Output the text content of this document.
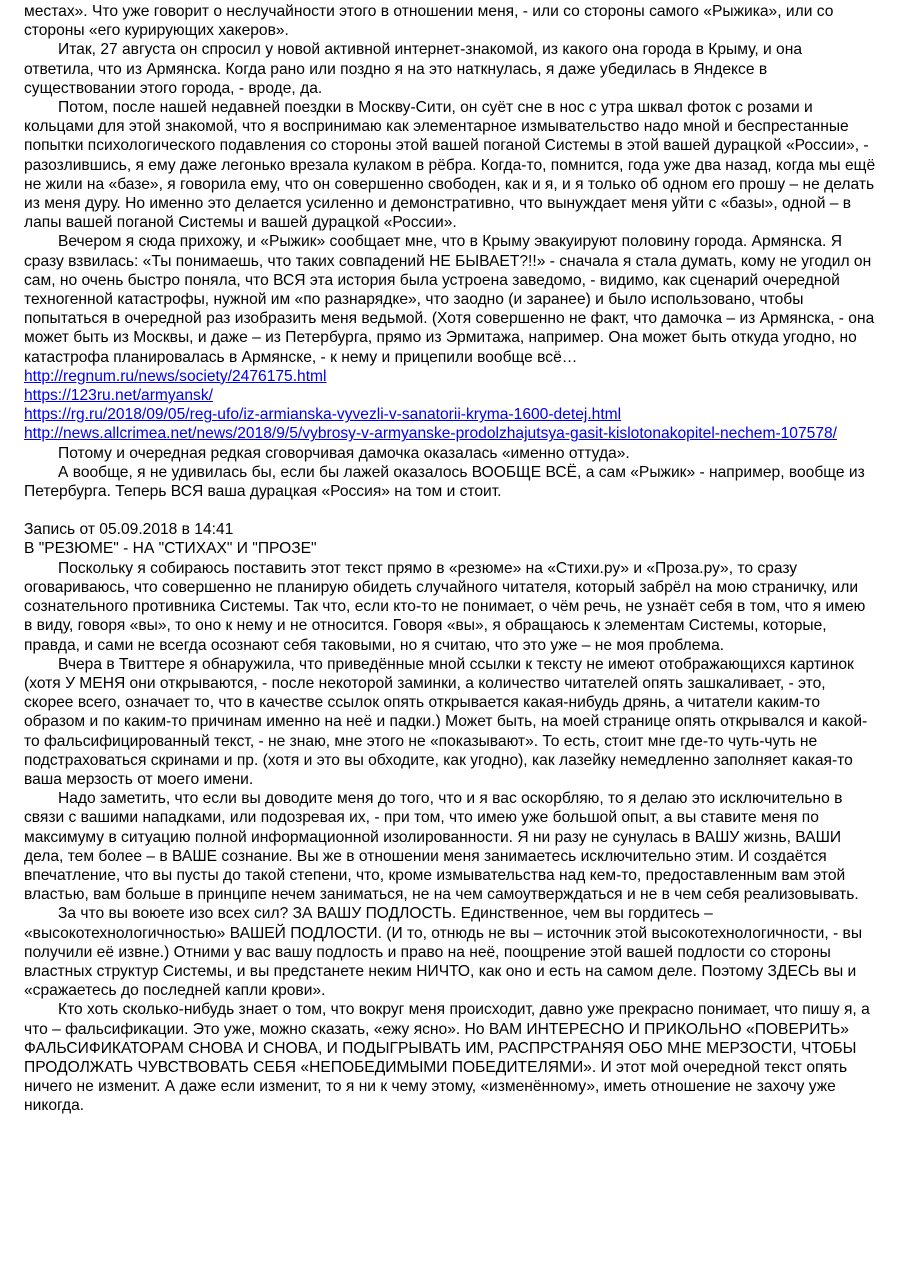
местах». Что уже говорит о неслучайности этого в отношении меня, - или со стороны самого «Рыжика», или со стороны «его курирующих хакеров».

Итак, 27 августа он спросил у новой активной интернет-знакомой, из какого она города в Крыму, и она ответила, что из Армянска. Когда рано или поздно я на это наткнулась, я даже убедилась в Яндексе в существовании этого города, - вроде, да.

Потом, после нашей недавней поездки в Москву-Сити, он суёт сне в нос с утра шквал фоток с розами и кольцами для этой знакомой, что я воспринимаю как элементарное измывательство надо мной и беспрестанные попытки психологического подавления со стороны этой вашей поганой Системы в этой вашей дурацкой «России», - разозлившись, я ему даже легонько врезала кулаком в рёбра. Когда-то, помнится, года уже два назад, когда мы ещё не жили на «базе», я говорила ему, что он совершенно свободен, как и я, и я только об одном его прошу – не делать из меня дуру. Но именно это делается усиленно и демонстративно, что вынуждает меня уйти с «базы», одной – в лапы вашей поганой Системы и вашей дурацкой «России».

Вечером я сюда прихожу, и «Рыжик» сообщает мне, что в Крыму эвакуируют половину города. Армянска. Я сразу взвилась: «Ты понимаешь, что таких совпадений НЕ БЫВАЕТ?!!» - сначала я стала думать, кому не угодил он сам, но очень быстро поняла, что ВСЯ эта история была устроена заведомо, - видимо, как сценарий очередной техногенной катастрофы, нужной им «по разнарядке», что заодно (и заранее) и было использовано, чтобы попытаться в очередной раз изобразить меня ведьмой. (Хотя совершенно не факт, что дамочка – из Армянска, - она может быть из Москвы, и даже – из Петербурга, прямо из Эрмитажа, например. Она может быть откуда угодно, но катастрофа планировалась в Армянске, - к нему и прицепили вообще всё…

http://regnum.ru/news/society/2476175.html
https://123ru.net/armyansk/
https://rg.ru/2018/09/05/reg-ufo/iz-armianska-vyvezli-v-sanatorii-kryma-1600-detej.html
http://news.allcrimea.net/news/2018/9/5/vybrosy-v-armyanske-prodolzhajutsya-gasit-kislotonakopitel-nechem-107578/

Потому и очередная редкая сговорчивая дамочка оказалась «именно оттуда».

А вообще, я не удивилась бы, если бы лажей оказалось ВООБЩЕ ВСЁ, а сам «Рыжик» - например, вообще из Петербурга. Теперь ВСЯ ваша дурацкая «Россия» на том и стоит.

Запись от 05.09.2018 в 14:41

В "РЕЗЮМЕ" - НА "СТИХАХ" И "ПРОЗЕ"

Поскольку я собираюсь поставить этот текст прямо в «резюме» на «Стихи.ру» и «Проза.ру», то сразу оговариваюсь, что совершенно не планирую обидеть случайного читателя, который забрёл на мою страничку, или сознательного противника Системы. Так что, если кто-то не понимает, о чём речь, не узнаёт себя в том, что я имею в виду, говоря «вы», то оно к нему и не относится. Говоря «вы», я обращаюсь к элементам Системы, которые, правда, и сами не всегда осознают себя таковыми, но я считаю, что это уже – не моя проблема.

Вчера в Твиттере я обнаружила, что приведённые мной ссылки к тексту не имеют отображающихся картинок (хотя У МЕНЯ они открываются, - после некоторой заминки, а количество читателей опять зашкаливает, - это, скорее всего, означает то, что в качестве ссылок опять открывается какая-нибудь дрянь, а читатели каким-то образом и по каким-то причинам именно на неё и падки.) Может быть, на моей странице опять открывался и какой-то фальсифицированный текст, - не знаю, мне этого не «показывают». То есть, стоит мне где-то чуть-чуть не подстраховаться скринами и пр. (хотя и это вы обходите, как угодно), как лазейку немедленно заполняет какая-то ваша мерзость от моего имени.

Надо заметить, что если вы доводите меня до того, что и я вас оскорбляю, то я делаю это исключительно в связи с вашими нападками, или подозревая их, - при том, что имею уже большой опыт, а вы ставите меня по максимуму в ситуацию полной информационной изолированности. Я ни разу не сунулась в ВАШУ жизнь, ВАШИ дела, тем более – в ВАШЕ сознание. Вы же в отношении меня занимаетесь исключительно этим. И создаётся впечатление, что вы пусты до такой степени, что, кроме измывательства над кем-то, предоставленным вам этой властью, вам больше в принципе нечем заниматься, не на чем самоутверждаться и не в чем себя реализовывать.

За что вы воюете изо всех сил? ЗА ВАШУ ПОДЛОСТЬ. Единственное, чем вы гордитесь – «высокотехнологичностью» ВАШЕЙ ПОДЛОСТИ. (И то, отнюдь не вы – источник этой высокотехнологичности, - вы получили её извне.) Отними у вас вашу подлость и право на неё, поощрение этой вашей подлости со стороны властных структур Системы, и вы предстанете неким НИЧТО, как оно и есть на самом деле. Поэтому ЗДЕСЬ вы и «сражаетесь до последней капли крови».

Кто хоть сколько-нибудь знает о том, что вокруг меня происходит, давно уже прекрасно понимает, что пишу я, а что – фальсификации. Это уже, можно сказать, «ежу ясно». Но ВАМ ИНТЕРЕСНО И ПРИКОЛЬНО «ПОВЕРИТЬ» ФАЛЬСИФИКАТОРАМ СНОВА И СНОВА, И ПОДЫГРЫВАТЬ ИМ, РАСПРСТРАНЯЯ ОБО МНЕ МЕРЗОСТИ, ЧТОБЫ ПРОДОЛЖАТЬ ЧУВСТВОВАТЬ СЕБЯ «НЕПОБЕДИМЫМИ ПОБЕДИТЕЛЯМИ». И этот мой очередной текст опять ничего не изменит. А даже если изменит, то я ни к чему этому, «изменённому», иметь отношение не захочу уже никогда.
